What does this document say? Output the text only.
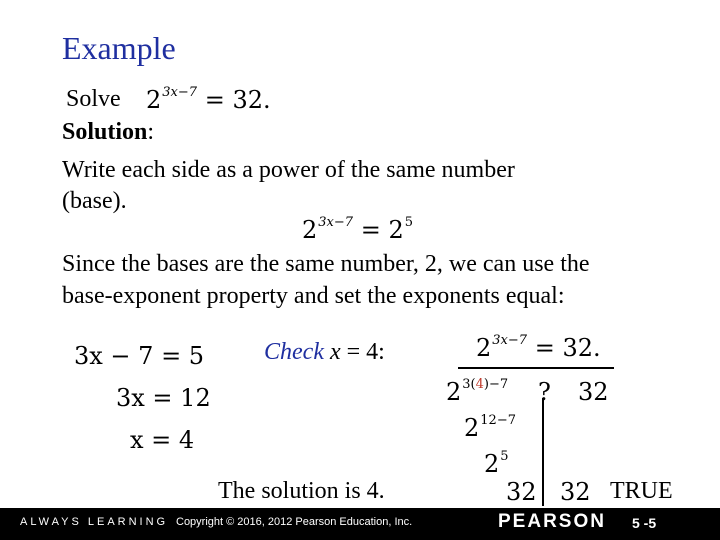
Example
Solve $2^{3x-7} = 32$.
Solution:
Write each side as a power of the same number
(base).
$2^{3x-7} = 2^5$
Since the bases are the same number, 2, we can use the
base-exponent property and set the exponents equal:
3x − 7 = 5
3x = 12
x = 4
Check x = 4:	$2^{3x-7} = 32$.
$2^{3(4)-7}$ ? 32
$2^{12-7}$
$2^5$
32 32 TRUE
The solution is 4.
ALWAYS LEARNING Copyright © 2016, 2012 Pearson Education, Inc.	PEARSON 5 -5
